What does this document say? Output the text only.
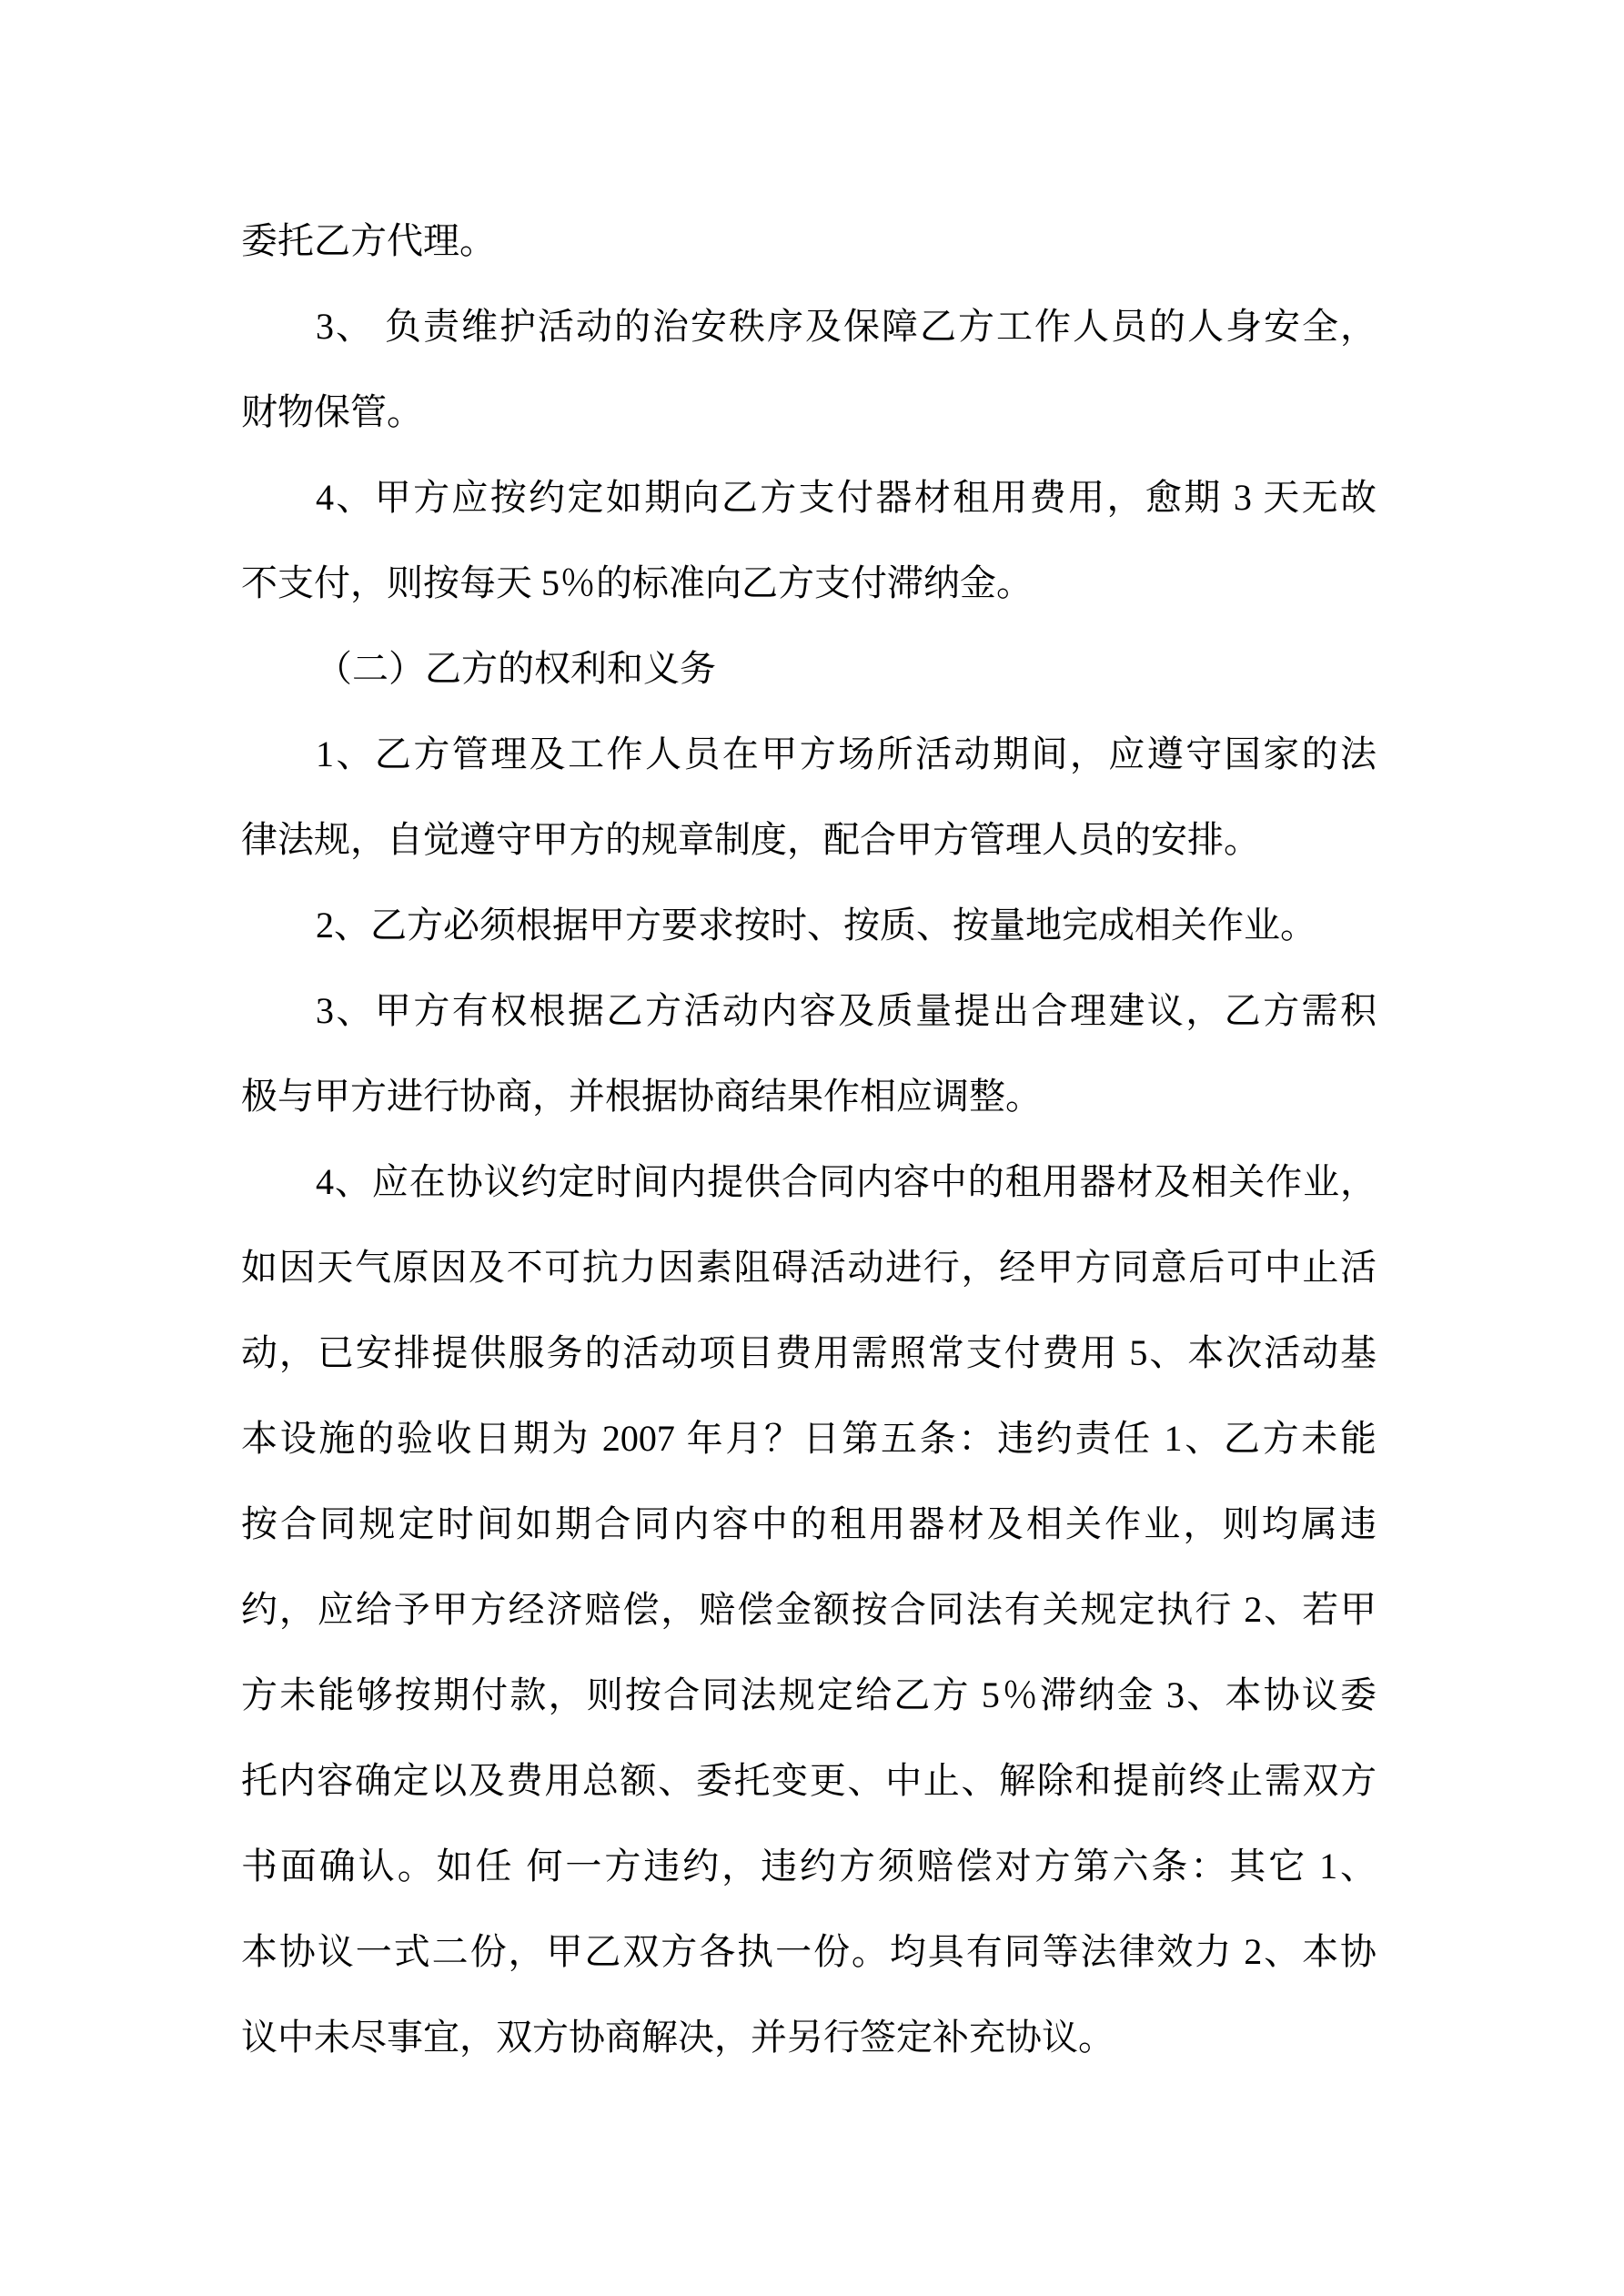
委托乙方代理。
3、 负责维护活动的治安秩序及保障乙方工作人员的人身安全，
财物保管。
4、甲方应按约定如期向乙方支付器材租用费用，愈期 3 天无故
不支付，则按每天 5％的标准向乙方支付滞纳金。
（二）乙方的权利和义务
1、乙方管理及工作人员在甲方场所活动期间，应遵守国家的法
律法规，自觉遵守甲方的规章制度，配合甲方管理人员的安排。
2、乙方必须根据甲方要求按时、按质、按量地完成相关作业。
3、甲方有权根据乙方活动内容及质量提出合理建议，乙方需积
极与甲方进行协商，并根据协商结果作相应调整。
4、应在协议约定时间内提供合同内容中的租用器材及相关作业，
如因天气原因及不可抗力因素阻碍活动进行，经甲方同意后可中止活
动，已安排提供服务的活动项目费用需照常支付费用 5、本次活动基
本设施的验收日期为 2007 年月？日第五条：违约责任 1、乙方未能
按合同规定时间如期合同内容中的租用器材及相关作业，则均属违
约，应给予甲方经济赔偿，赔偿金额按合同法有关规定执行 2、若甲
方未能够按期付款，则按合同法规定给乙方 5％滞纳金 3、本协议委
托内容确定以及费用总额、委托变更、中止、解除和提前终止需双方
书面确认。如任 何一方违约，违约方须赔偿对方第六条：其它 1、
本协议一式二份，甲乙双方各执一份。均具有同等法律效力 2、本协
议中未尽事宜，双方协商解决，并另行签定补充协议。
